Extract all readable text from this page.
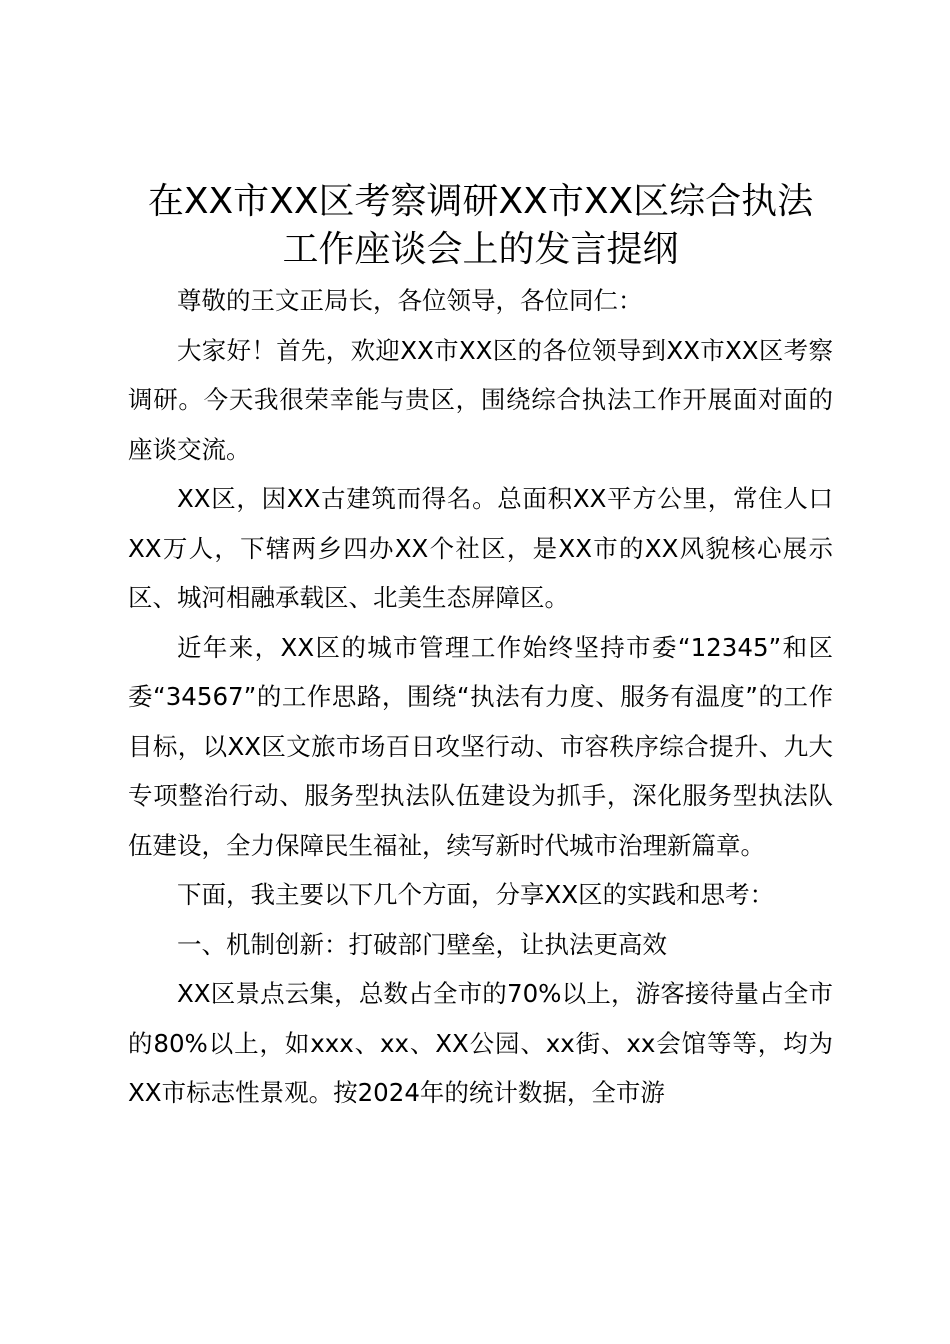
在XX市XX区考察调研XX市XX区综合执法
工作座谈会上的发言提纲

尊敬的王文正局长，各位领导，各位同仁：

大家好！首先，欢迎XX市XX区的各位领导到XX市XX区考察调研。今天我很荣幸能与贵区，围绕综合执法工作开展面对面的座谈交流。

XX区，因XX古建筑而得名。总面积XX平方公里，常住人口XX万人，下辖两乡四办XX个社区，是XX市的XX风貌核心展示区、城河相融承载区、北美生态屏障区。

近年来，XX区的城市管理工作始终坚持市委“12345”和区委“34567”的工作思路，围绕“执法有力度、服务有温度”的工作目标，以XX区文旅市场百日攻坚行动、市容秩序综合提升、九大专项整治行动、服务型执法队伍建设为抓手，深化服务型执法队伍建设，全力保障民生福祉，续写新时代城市治理新篇章。

下面，我主要以下几个方面，分享XX区的实践和思考：

一、机制创新：打破部门壁垒，让执法更高效

XX区景点云集，总数占全市的70%以上，游客接待量占全市的80%以上，如xxx、xx、XX公园、xx街、xx会馆等等，均为XX市标志性景观。按2024年的统计数据，全市游
